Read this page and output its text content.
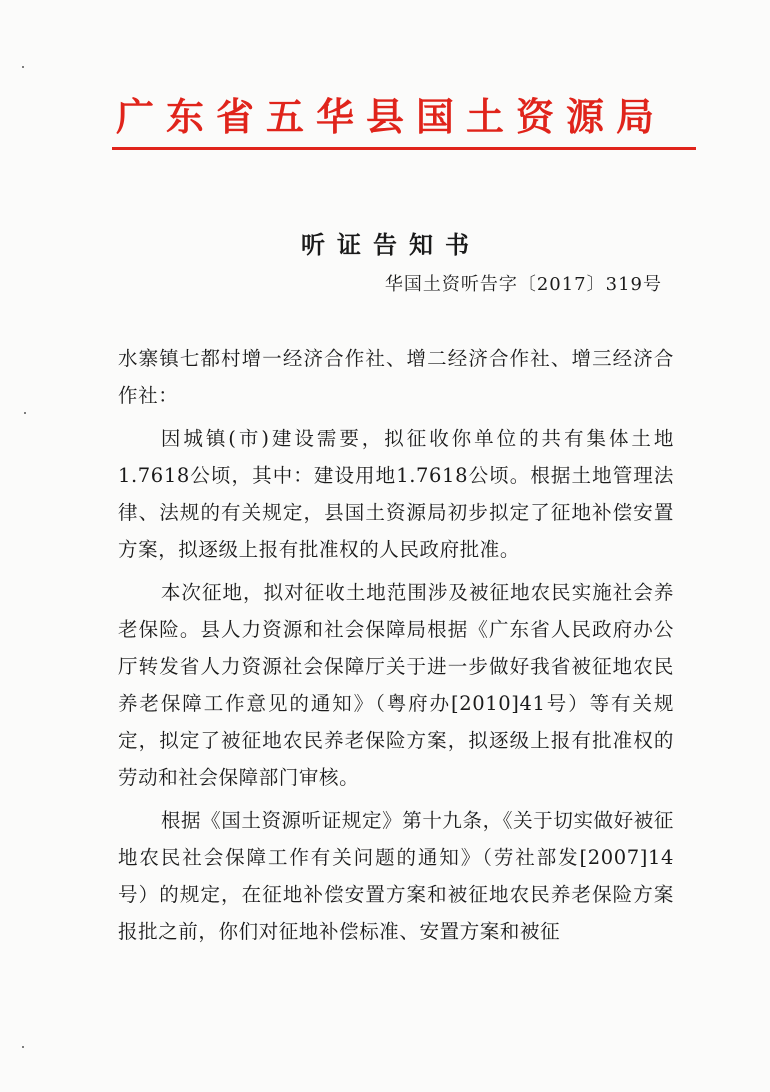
广东省五华县国土资源局
听证告知书
华国土资听告字〔2017〕319号

水寨镇七都村增一经济合作社、增二经济合作社、增三经济合作社：

因城镇(市)建设需要，拟征收你单位的共有集体土地1.7618公顷，其中：建设用地1.7618公顷。根据土地管理法律、法规的有关规定，县国土资源局初步拟定了征地补偿安置方案，拟逐级上报有批准权的人民政府批准。

本次征地，拟对征收土地范围涉及被征地农民实施社会养老保险。县人力资源和社会保障局根据《广东省人民政府办公厅转发省人力资源社会保障厅关于进一步做好我省被征地农民养老保障工作意见的通知》（粤府办[2010]41号）等有关规定，拟定了被征地农民养老保险方案，拟逐级上报有批准权的劳动和社会保障部门审核。

根据《国土资源听证规定》第十九条，《关于切实做好被征地农民社会保障工作有关问题的通知》（劳社部发[2007]14号）的规定，在征地补偿安置方案和被征地农民养老保险方案报批之前，你们对征地补偿标准、安置方案和被征
